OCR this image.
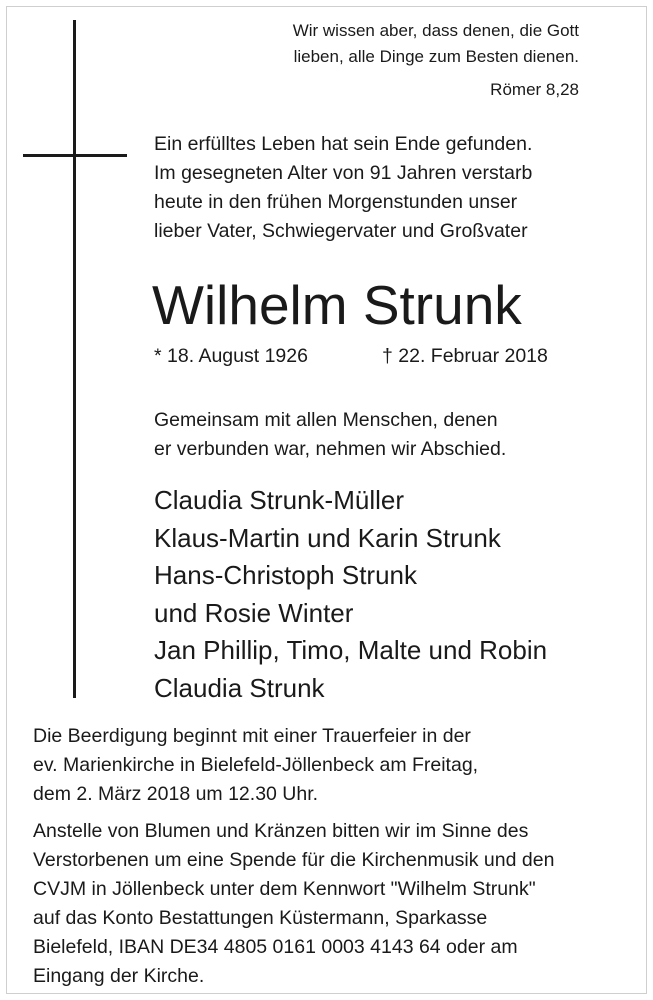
Wir wissen aber, dass denen, die Gott
lieben, alle Dinge zum Besten dienen.
Römer 8,28
Ein erfülltes Leben hat sein Ende gefunden.
Im gesegneten Alter von 91 Jahren verstarb
heute in den frühen Morgenstunden unser
lieber Vater, Schwiegervater und Großvater
Wilhelm Strunk
* 18. August 1926	† 22. Februar 2018
Gemeinsam mit allen Menschen, denen
er verbunden war, nehmen wir Abschied.
Claudia Strunk-Müller
Klaus-Martin und Karin Strunk
Hans-Christoph Strunk
und Rosie Winter
Jan Phillip, Timo, Malte und Robin
Claudia Strunk
Die Beerdigung beginnt mit einer Trauerfeier in der
ev. Marienkirche in Bielefeld-Jöllenbeck am Freitag,
dem 2. März 2018 um 12.30 Uhr.
Anstelle von Blumen und Kränzen bitten wir im Sinne des
Verstorbenen um eine Spende für die Kirchenmusik und den
CVJM in Jöllenbeck unter dem Kennwort "Wilhelm Strunk"
auf das Konto Bestattungen Küstermann, Sparkasse
Bielefeld, IBAN DE34 4805 0161 0003 4143 64 oder am
Eingang der Kirche.
